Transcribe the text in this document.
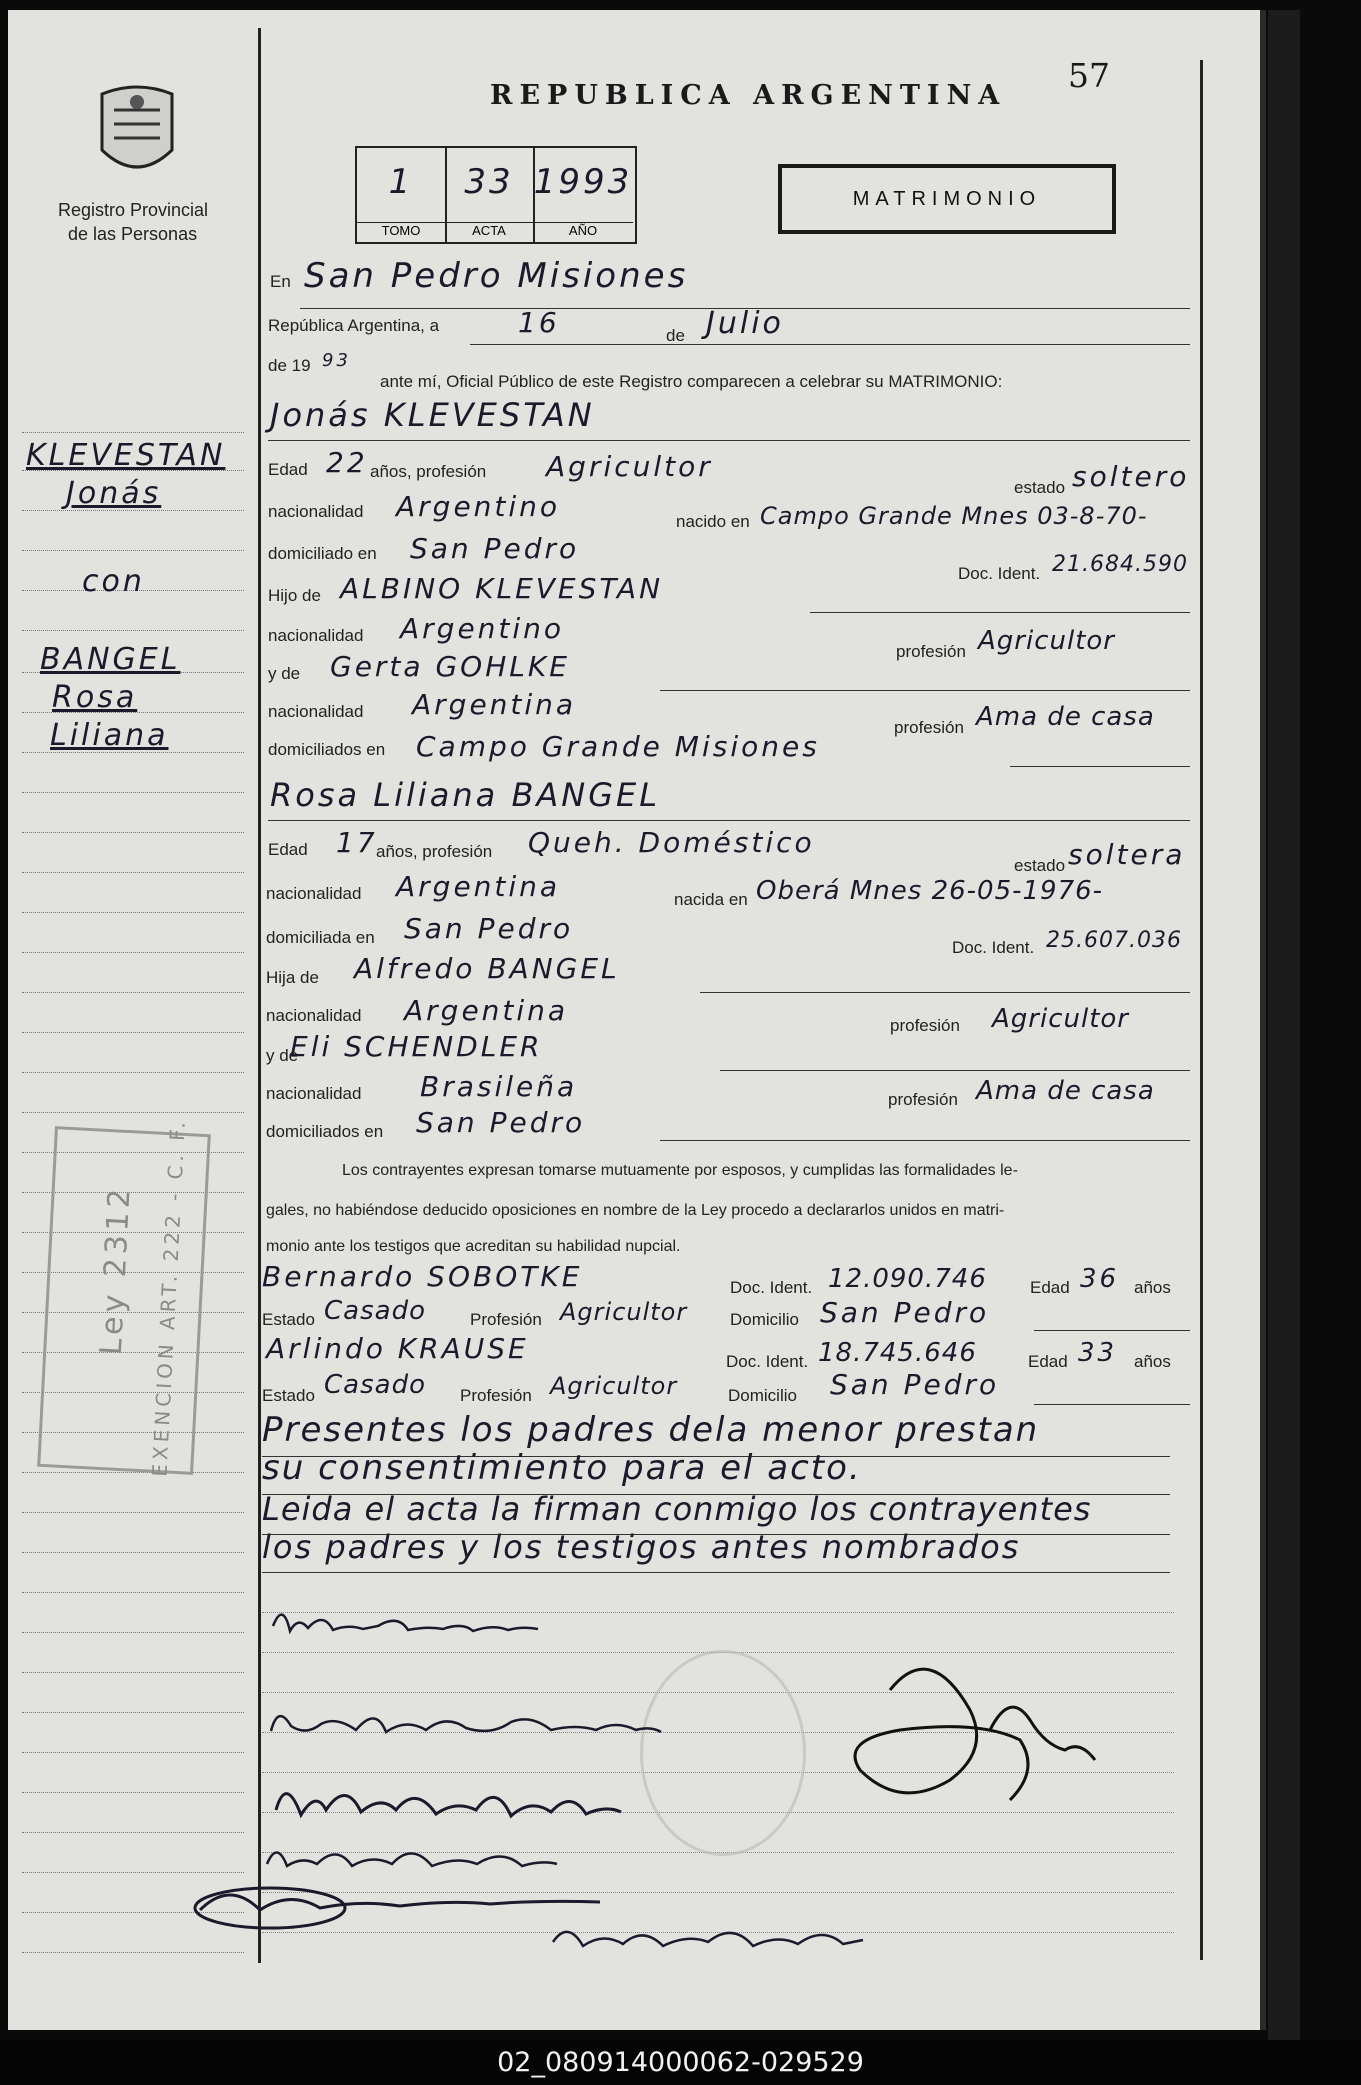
Registro Provincial
de las Personas
REPUBLICA ARGENTINA
57
1
TOMO
33
ACTA
1993
AÑO
MATRIMONIO
KLEVESTAN
Jonás
con
BANGEL
Rosa
Liliana
Ley 2312 EXENCION ART. 222 - C. F.
En San Pedro Misiones
República Argentina, a	16	de Julio
de 19 93
ante mí, Oficial Público de este Registro comparecen a celebrar su MATRIMONIO:
Jonás KLEVESTAN
Edad 22 años, profesión Agricultor
estado soltero
nacionalidad Argentino	nacido en Campo Grande Mnes 03-8-70-
domiciliado en San Pedro
Doc. Ident. 21.684.590
Hijo de ALBINO KLEVESTAN
nacionalidad Argentino
profesión Agricultor
y de Gerta GOHLKE
nacionalidad Argentina
profesión Ama de casa
domiciliados en Campo Grande Misiones
Rosa Liliana BANGEL
Edad 17
años, profesión Queh. Doméstico
estado soltera
nacionalidad Argentina	nacida en Oberá Mnes 26-05-1976-
domiciliada en San Pedro
Doc. Ident. 25.607.036
Hija de Alfredo BANGEL
nacionalidad Argentina	profesión Agricultor
y de
Eli SCHENDLER
nacionalidad Brasileña	profesión Ama de casa
domiciliados en San Pedro
Los contrayentes expresan tomarse mutuamente por esposos, y cumplidas las formalidades le-
gales, no habiéndose deducido oposiciones en nombre de la Ley procedo a declararlos unidos en matri-
monio ante los testigos que acreditan su habilidad nupcial.
Bernardo SOBOTKE	Doc. Ident. 12.090.746	Edad 36 años
Estado Casado	Profesión Agricultor	Domicilio San Pedro
Arlindo KRAUSE	Doc. Ident. 18.745.646	Edad 33 años
Estado Casado Profesión Agricultor	Domicilio San Pedro
Presentes los padres dela menor prestan
su consentimiento para el acto.
Leida el acta la firman conmigo los contrayentes
los padres y los testigos antes nombrados
02_080914000062-029529
